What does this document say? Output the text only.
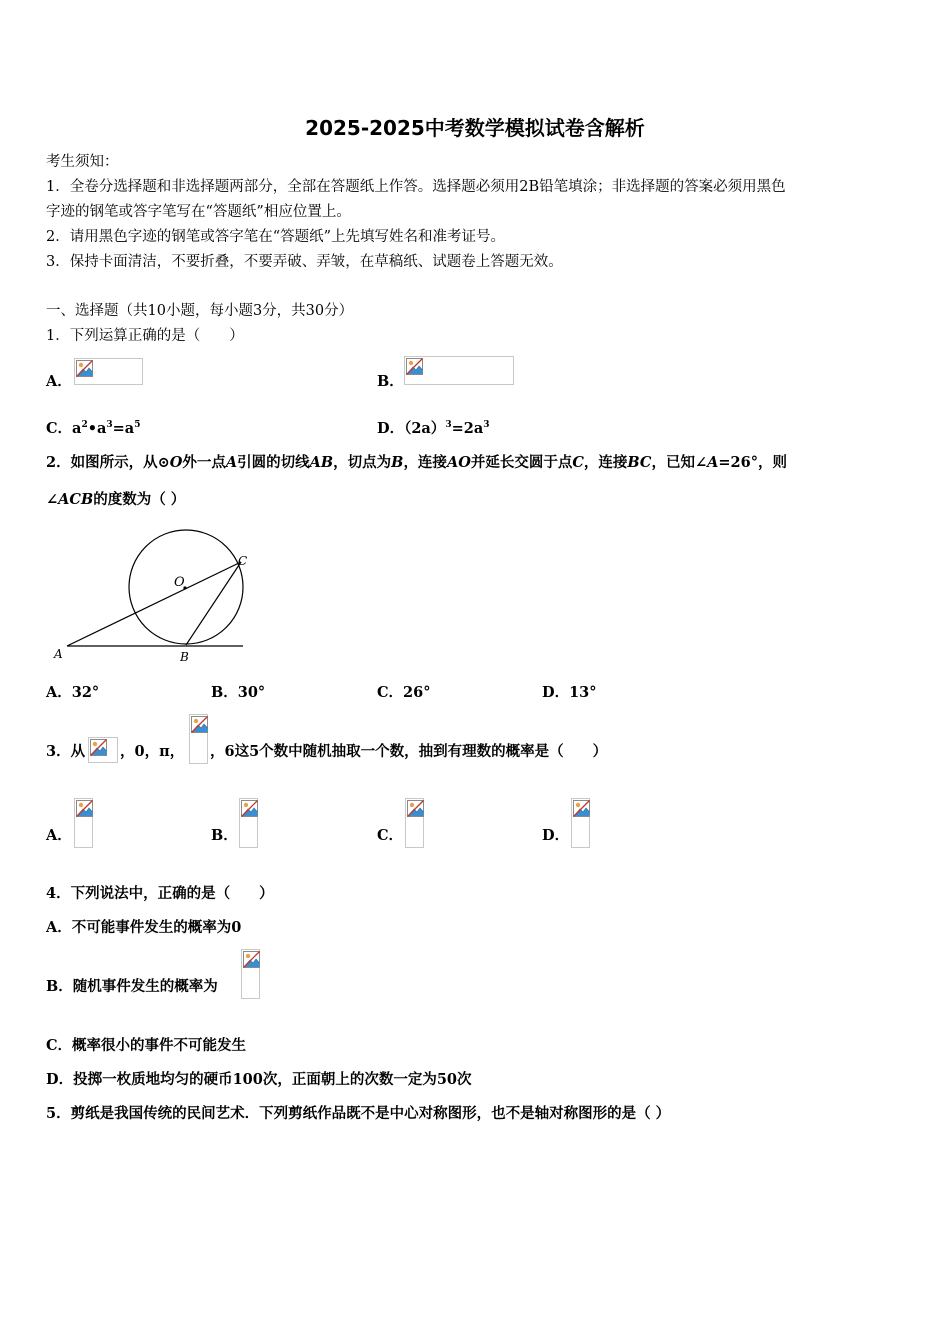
2025-2025中考数学模拟试卷含解析
考生须知：
1．全卷分选择题和非选择题两部分，全部在答题纸上作答。选择题必须用2B铅笔填涂；非选择题的答案必须用黑色
字迹的钢笔或答字笔写在“答题纸”相应位置上。
2．请用黑色字迹的钢笔或答字笔在“答题纸”上先填写姓名和准考证号。
3．保持卡面清洁，不要折叠，不要弄破、弄皱，在草稿纸、试题卷上答题无效。
一、选择题（共10小题，每小题3分，共30分）
1．下列运算正确的是（　　）
A．	B．
C．$a^2•a^3=a^5$	D．$(2a)^3=2a^3$
2．如图所示，从⊙O外一点A引圆的切线AB，切点为B，连接AO并延长交圆于点C，连接BC，已知∠A=26°，则
∠ACB的度数为（ ）
O
A	B
C
A．32°	B．30°	C．26°	D．13°
3．从 ，0，π， ，6这5个数中随机抽取一个数，抽到有理数的概率是（　　）
A．	B．	C．	D．
4．下列说法中，正确的是（　　）
A．不可能事件发生的概率为0
B．随机事件发生的概率为
C．概率很小的事件不可能发生
D．投掷一枚质地均匀的硬币100次，正面朝上的次数一定为50次
5．剪纸是我国传统的民间艺术．下列剪纸作品既不是中心对称图形，也不是轴对称图形的是（ ）
